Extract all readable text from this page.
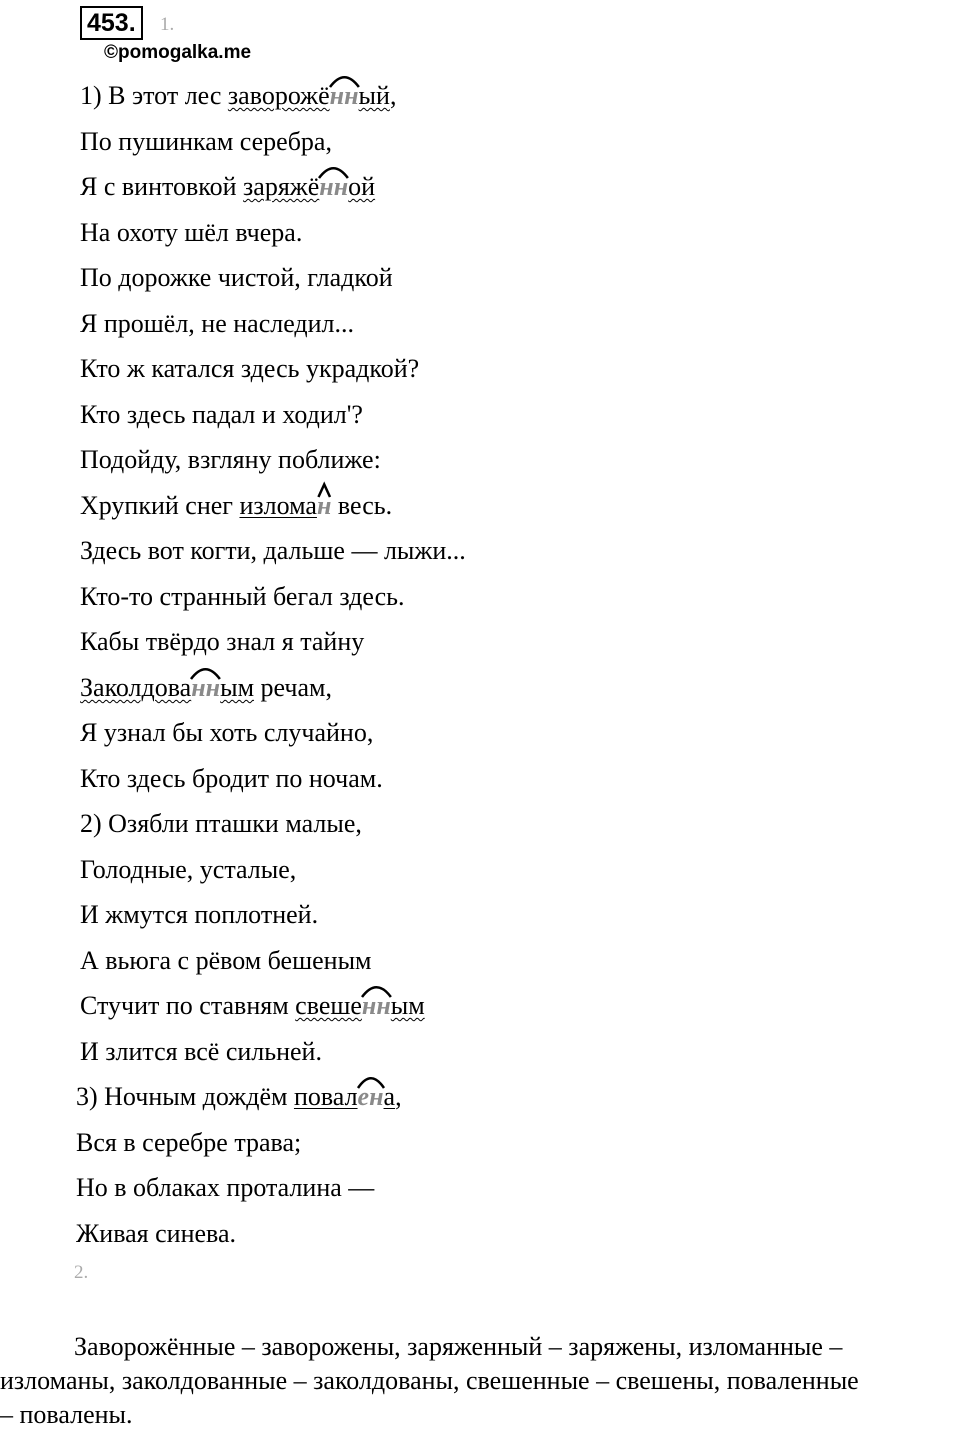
453.	1.
©pomogalka.me
1) В этот лес заворожённ
ый,
По пушинкам серебра,
Я с винтовкой заряжённ
ой
На охоту шёл вчера.
По дорожке чистой, гладкой
Я прошёл, не наследил...
Кто ж катался здесь украдкой?
Кто здесь падал и ходил'?
Подойду, взгляну поближе:
Хрупкий снег изломан
весь.
Здесь вот когти, дальше — лыжи...
Кто-то странный бегал здесь.
Кабы твёрдо знал я тайну
Заколдованн
ым речам,
Я узнал бы хоть случайно,
Кто здесь бродит по ночам.
2) Озябли пташки малые,
Голодные, усталые,
И жмутся поплотней.
А вьюга с рёвом бешеным
Стучит по ставням свешенн
ым
И злится всё сильней.
3) Ночным дождём повален
а,
Вся в серебре трава;
Но в облаках проталина —
Живая синева.
2.
Заворожённые – заворожены, заряженный – заряжены, изломанные –
изломаны, заколдованные – заколдованы, свешенные – свешены, поваленные
– повалены.
